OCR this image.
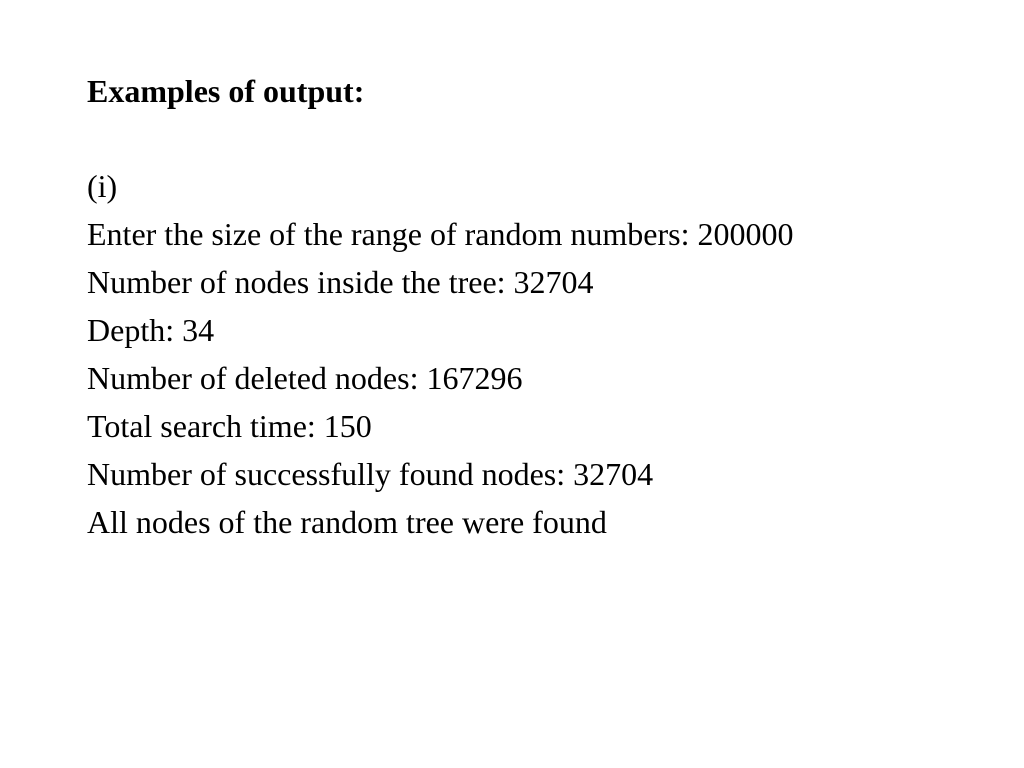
Examples of output:

(i)

Enter the size of the range of random numbers: 200000

Number of nodes inside the tree: 32704

Depth: 34

Number of deleted nodes: 167296

Total search time: 150

Number of successfully found nodes: 32704

All nodes of the random tree were found
